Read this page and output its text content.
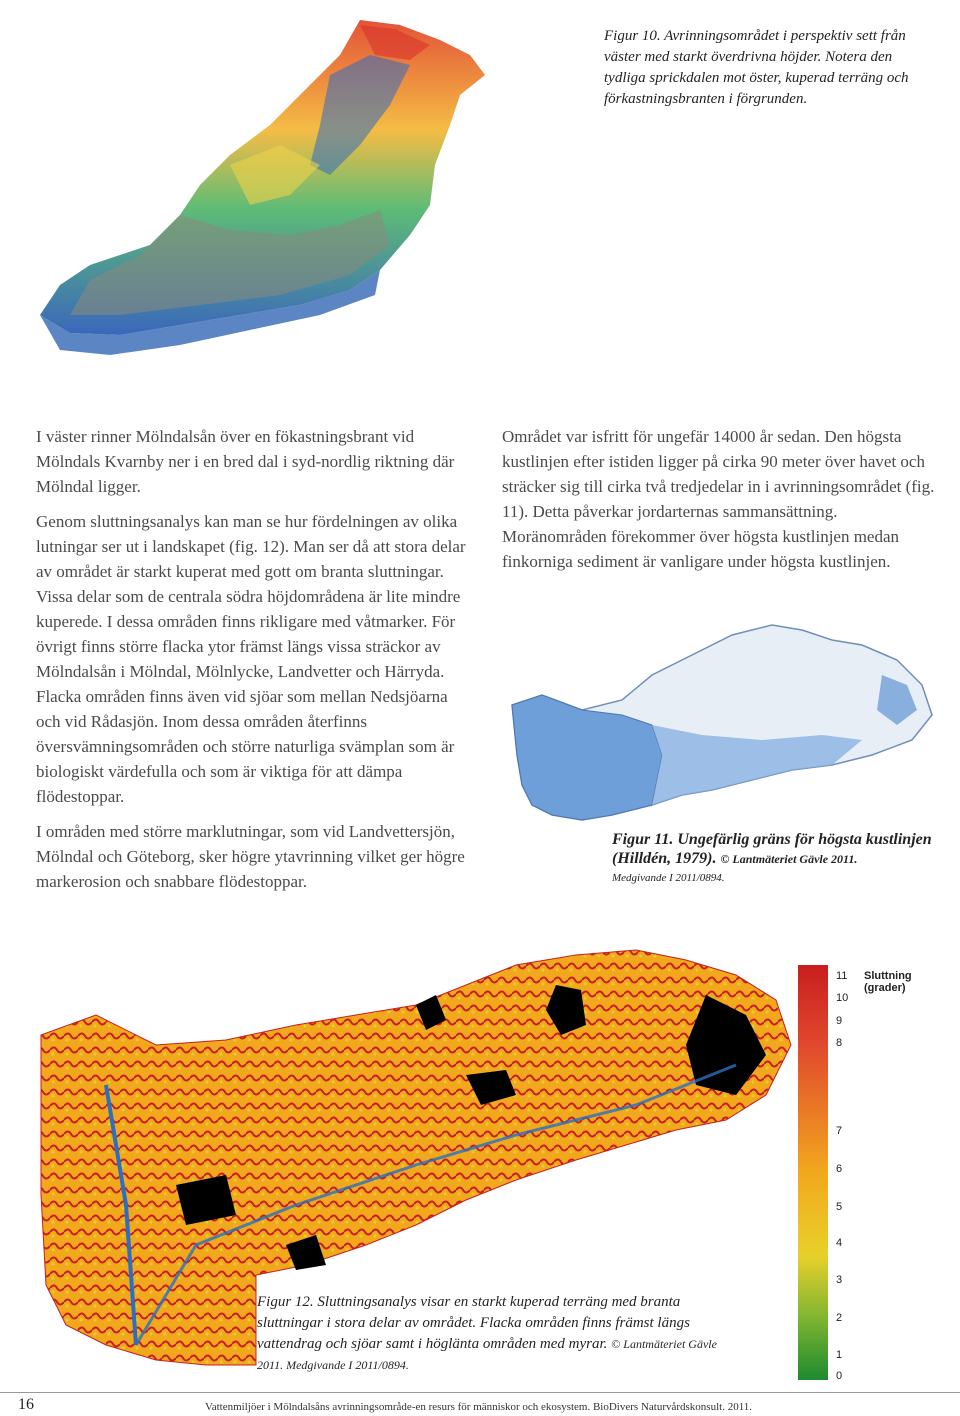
Figur 10. Avrinningsområdet i perspektiv sett från väster med starkt överdrivna höjder. Notera den tydliga sprickdalen mot öster, kuperad terräng och förkastningsbranten i förgrunden.

I väster rinner Mölndalsån över en fökastningsbrant vid Mölndals Kvarnby ner i en bred dal i syd-nordlig riktning där Mölndal ligger.

Genom sluttningsanalys kan man se hur fördelningen av olika lutningar ser ut i landskapet (fig. 12). Man ser då att stora delar av området är starkt kuperat med gott om branta sluttningar. Vissa delar som de centrala södra höjdområdena är lite mindre kuperede. I dessa områden finns rikligare med våtmarker. För övrigt finns större flacka ytor främst längs vissa sträckor av Mölndalsån i Mölndal, Mölnlycke, Landvetter och Härryda. Flacka områden finns även vid sjöar som mellan Nedsjöarna och vid Rådasjön. Inom dessa områden återfinns översvämningsområden och större naturliga svämplan som är biologiskt värdefulla och som är viktiga för att dämpa flödestoppar.

I områden med större marklutningar, som vid Landvettersjön, Mölndal och Göteborg, sker högre ytavrinning vilket ger högre markerosion och snabbare flödestoppar.

Området var isfritt för ungefär 14000 år sedan. Den högsta kustlinjen efter istiden ligger på cirka 90 meter över havet och sträcker sig till cirka två tredjedelar in i avrinningsområdet (fig. 11). Detta påverkar jordarternas sammansättning. Moränområden förekommer över högsta kustlinjen medan finkorniga sediment är vanligare under högsta kustlinjen.

Figur 11. Ungefärlig gräns för högsta kustlinjen (Hilldén, 1979). © Lantmäteriet Gävle 2011.
Medgivande I 2011/0894.
Sluttning
(grader)
11
10
9
8
7
6
5
4
3
2
1
0
Figur 12. Sluttningsanalys visar en starkt kuperad terräng med branta sluttningar i stora delar av området. Flacka områden finns främst längs vattendrag och sjöar samt i höglänta områden med myrar. © Lantmäteriet Gävle 2011. Medgivande I 2011/0894.
16	Vattenmiljöer i Mölndalsåns avrinningsområde-en resurs för människor och ekosystem. BioDivers Naturvårdskonsult. 2011.
